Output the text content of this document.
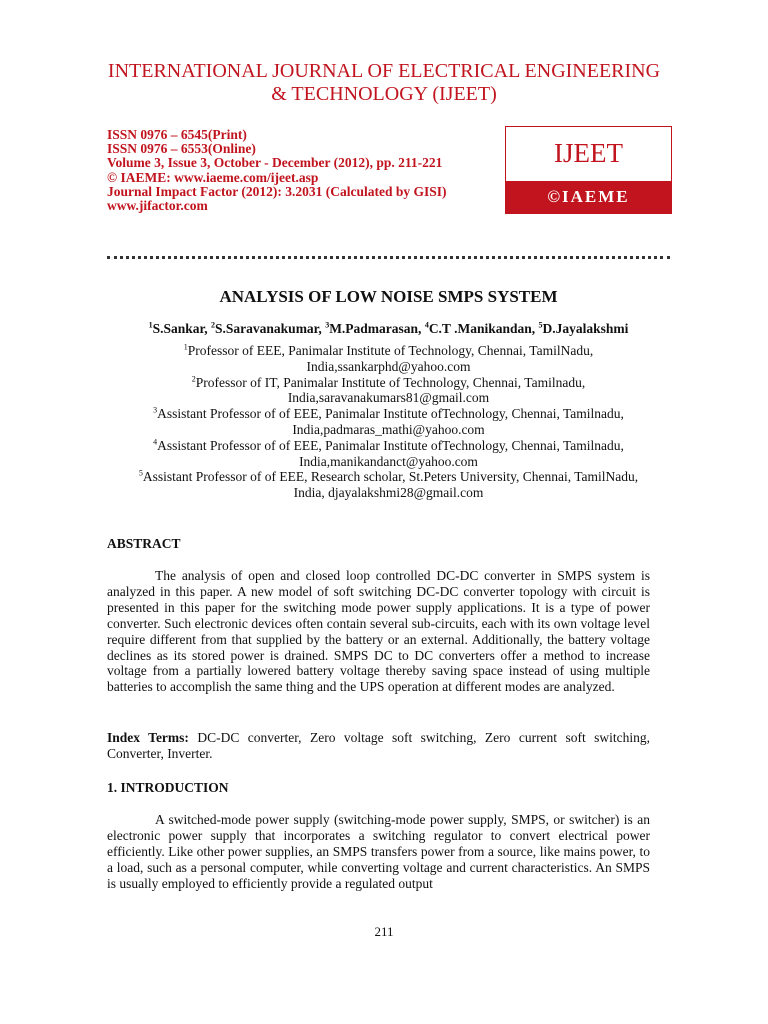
INTERNATIONAL JOURNAL OF ELECTRICAL ENGINEERING
& TECHNOLOGY (IJEET)
ISSN 0976 – 6545(Print)
ISSN 0976 – 6553(Online)
Volume 3, Issue 3, October - December (2012), pp. 211-221
© IAEME: www.iaeme.com/ijeet.asp
Journal Impact Factor (2012): 3.2031 (Calculated by GISI)
www.jifactor.com
IJEET
©IAEME
ANALYSIS OF LOW NOISE SMPS SYSTEM
$^1$S.Sankar, $^2$S.Saravanakumar, $^3$M.Padmarasan, $^4$C.T .Manikandan, $^5$D.Jayalakshmi
$^1$Professor of EEE, Panimalar Institute of Technology, Chennai, TamilNadu,
India,ssankarphd@yahoo.com
$^2$Professor of IT, Panimalar Institute of Technology, Chennai, Tamilnadu,
India,saravanakumars81@gmail.com
$^3$Assistant Professor of of EEE, Panimalar Institute ofTechnology, Chennai, Tamilnadu,
India,padmaras_mathi@yahoo.com
$^4$Assistant Professor of of EEE, Panimalar Institute ofTechnology, Chennai, Tamilnadu,
India,manikandanct@yahoo.com
$^5$Assistant Professor of of EEE, Research scholar, St.Peters University, Chennai, TamilNadu,
India, djayalakshmi28@gmail.com
ABSTRACT
The analysis of open and closed loop controlled DC-DC converter in SMPS system is analyzed in this paper. A new model of soft switching DC-DC converter topology with circuit is presented in this paper for the switching mode power supply applications. It is a type of power converter. Such electronic devices often contain several sub-circuits, each with its own voltage level require different from that supplied by the battery or an external. Additionally, the battery voltage declines as its stored power is drained. SMPS DC to DC converters offer a method to increase voltage from a partially lowered battery voltage thereby saving space instead of using multiple batteries to accomplish the same thing and the UPS operation at different modes are analyzed.
Index Terms: DC-DC converter, Zero voltage soft switching, Zero current soft switching, Converter, Inverter.
1. INTRODUCTION
A switched-mode power supply (switching-mode power supply, SMPS, or switcher) is an electronic power supply that incorporates a switching regulator to convert electrical power efficiently. Like other power supplies, an SMPS transfers power from a source, like mains power, to a load, such as a personal computer, while converting voltage and current characteristics. An SMPS is usually employed to efficiently provide a regulated output
211
